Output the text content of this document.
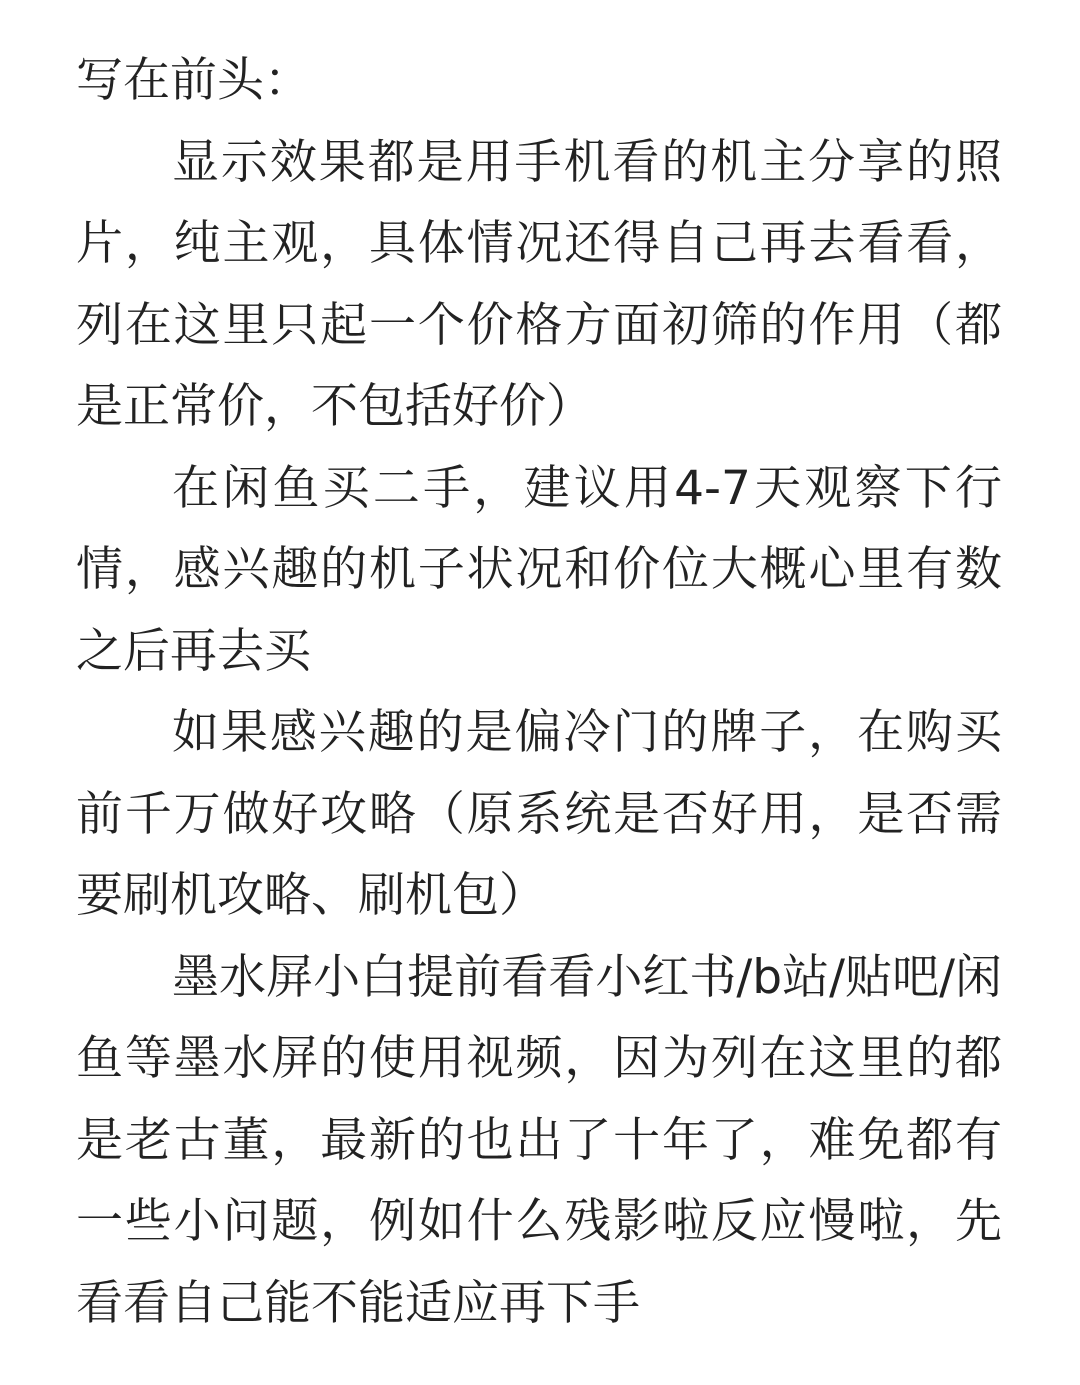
写在前头：

显示效果都是用手机看的机主分享的照片，纯主观，具体情况还得自己再去看看，列在这里只起一个价格方面初筛的作用（都是正常价，不包括好价）

在闲鱼买二手，建议用4-7天观察下行情，感兴趣的机子状况和价位大概心里有数之后再去买

如果感兴趣的是偏冷门的牌子，在购买前千万做好攻略（原系统是否好用，是否需要刷机攻略、刷机包）

墨水屏小白提前看看小红书/b站/贴吧/闲鱼等墨水屏的使用视频，因为列在这里的都是老古董，最新的也出了十年了，难免都有一些小问题，例如什么残影啦反应慢啦，先看看自己能不能适应再下手
